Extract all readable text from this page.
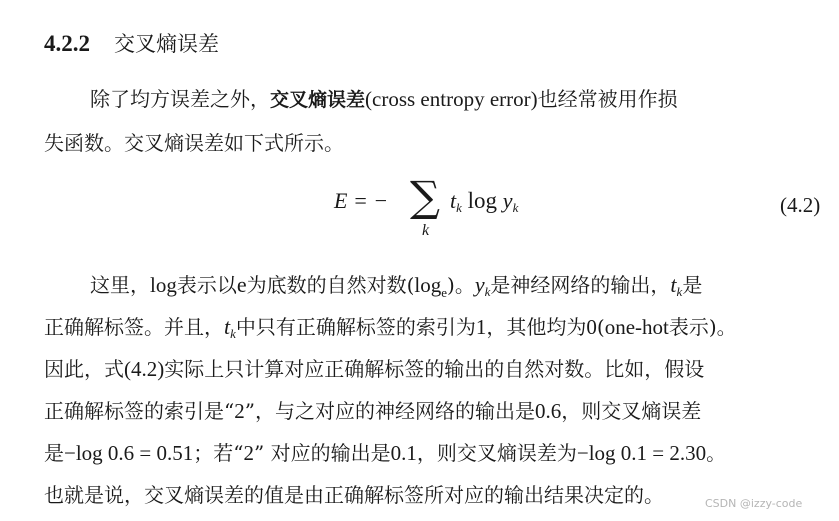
4.2.2 交叉熵误差
除了均方误差之外，交叉熵误差(cross entropy error)也经常被用作损
失函数。交叉熵误差如下式所示。
E = − ∑
k
$t_k$ $\log y_k$	(4.2)
这里，log表示以e为底数的自然对数$(\log_e)$。$y_k$是神经网络的输出，$t_k$是
正确解标签。并且，$t_k$中只有正确解标签的索引为1，其他均为0(one-hot表示)。
因此，式(4.2)实际上只计算对应正确解标签的输出的自然对数。比如，假设
正确解标签的索引是“2”，与之对应的神经网络的输出是0.6，则交叉熵误差
是−log 0.6 = 0.51；若“2” 对应的输出是0.1，则交叉熵误差为−log 0.1 = 2.30。
也就是说，交叉熵误差的值是由正确解标签所对应的输出结果决定的。	CSDN @izzy-code
